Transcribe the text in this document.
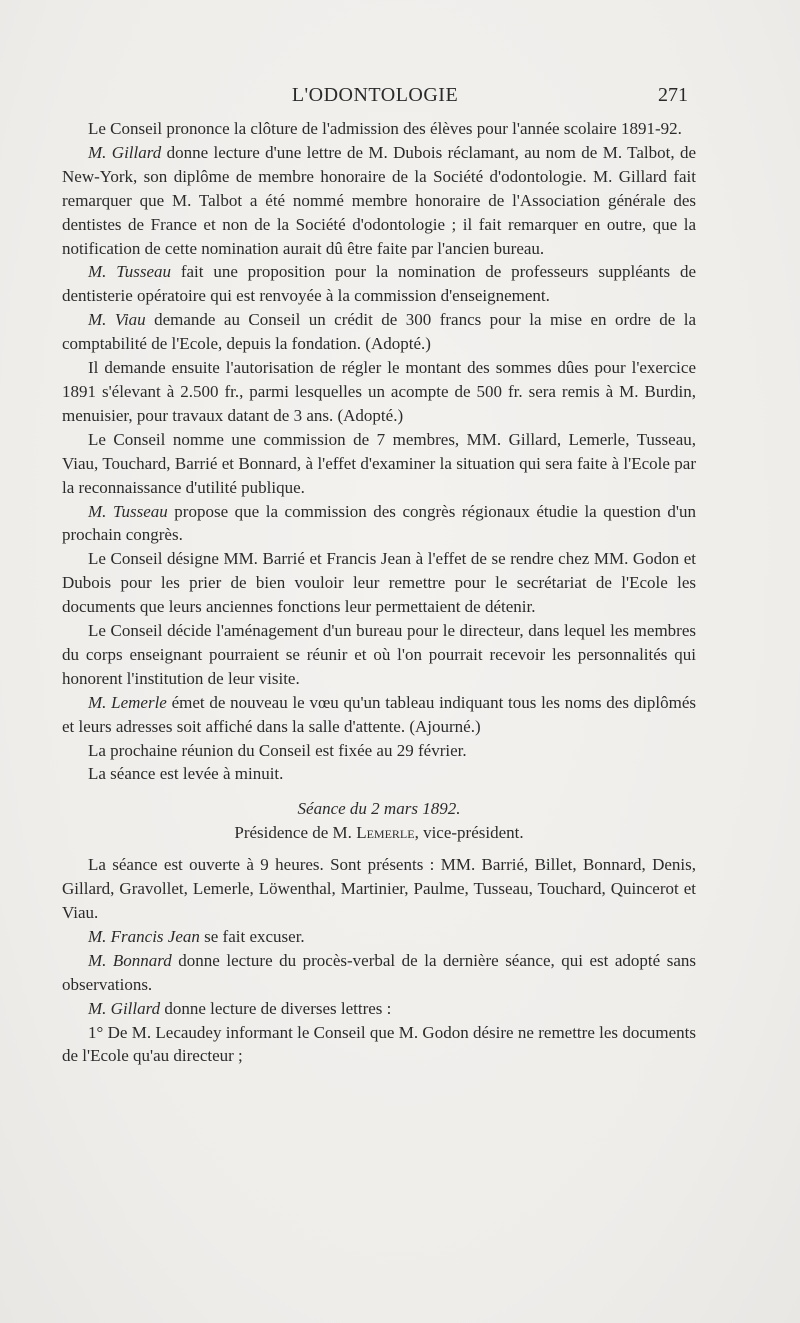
L'ODONTOLOGIE	271

Le Conseil prononce la clôture de l'admission des élèves pour l'année scolaire 1891-92.

M. Gillard donne lecture d'une lettre de M. Dubois réclamant, au nom de M. Talbot, de New-York, son diplôme de membre honoraire de la Société d'odontologie. M. Gillard fait remarquer que M. Talbot a été nommé membre honoraire de l'Association générale des dentistes de France et non de la Société d'odontologie ; il fait remarquer en outre, que la notification de cette nomination aurait dû être faite par l'ancien bureau.

M. Tusseau fait une proposition pour la nomination de professeurs suppléants de dentisterie opératoire qui est renvoyée à la commission d'enseignement.

M. Viau demande au Conseil un crédit de 300 francs pour la mise en ordre de la comptabilité de l'Ecole, depuis la fondation. (Adopté.)

Il demande ensuite l'autorisation de régler le montant des sommes dûes pour l'exercice 1891 s'élevant à 2.500 fr., parmi lesquelles un acompte de 500 fr. sera remis à M. Burdin, menuisier, pour travaux datant de 3 ans. (Adopté.)

Le Conseil nomme une commission de 7 membres, MM. Gillard, Lemerle, Tusseau, Viau, Touchard, Barrié et Bonnard, à l'effet d'examiner la situation qui sera faite à l'Ecole par la reconnaissance d'utilité publique.

M. Tusseau propose que la commission des congrès régionaux étudie la question d'un prochain congrès.

Le Conseil désigne MM. Barrié et Francis Jean à l'effet de se rendre chez MM. Godon et Dubois pour les prier de bien vouloir leur remettre pour le secrétariat de l'Ecole les documents que leurs anciennes fonctions leur permettaient de détenir.

Le Conseil décide l'aménagement d'un bureau pour le directeur, dans lequel les membres du corps enseignant pourraient se réunir et où l'on pourrait recevoir les personnalités qui honorent l'institution de leur visite.

M. Lemerle émet de nouveau le vœu qu'un tableau indiquant tous les noms des diplômés et leurs adresses soit affiché dans la salle d'attente. (Ajourné.)

La prochaine réunion du Conseil est fixée au 29 février.

La séance est levée à minuit.

Séance du 2 mars 1892.

Présidence de M. Lemerle, vice-président.

La séance est ouverte à 9 heures. Sont présents : MM. Barrié, Billet, Bonnard, Denis, Gillard, Gravollet, Lemerle, Löwenthal, Martinier, Paulme, Tusseau, Touchard, Quincerot et Viau.

M. Francis Jean se fait excuser.

M. Bonnard donne lecture du procès-verbal de la dernière séance, qui est adopté sans observations.

M. Gillard donne lecture de diverses lettres :

1° De M. Lecaudey informant le Conseil que M. Godon désire ne remettre les documents de l'Ecole qu'au directeur ;
